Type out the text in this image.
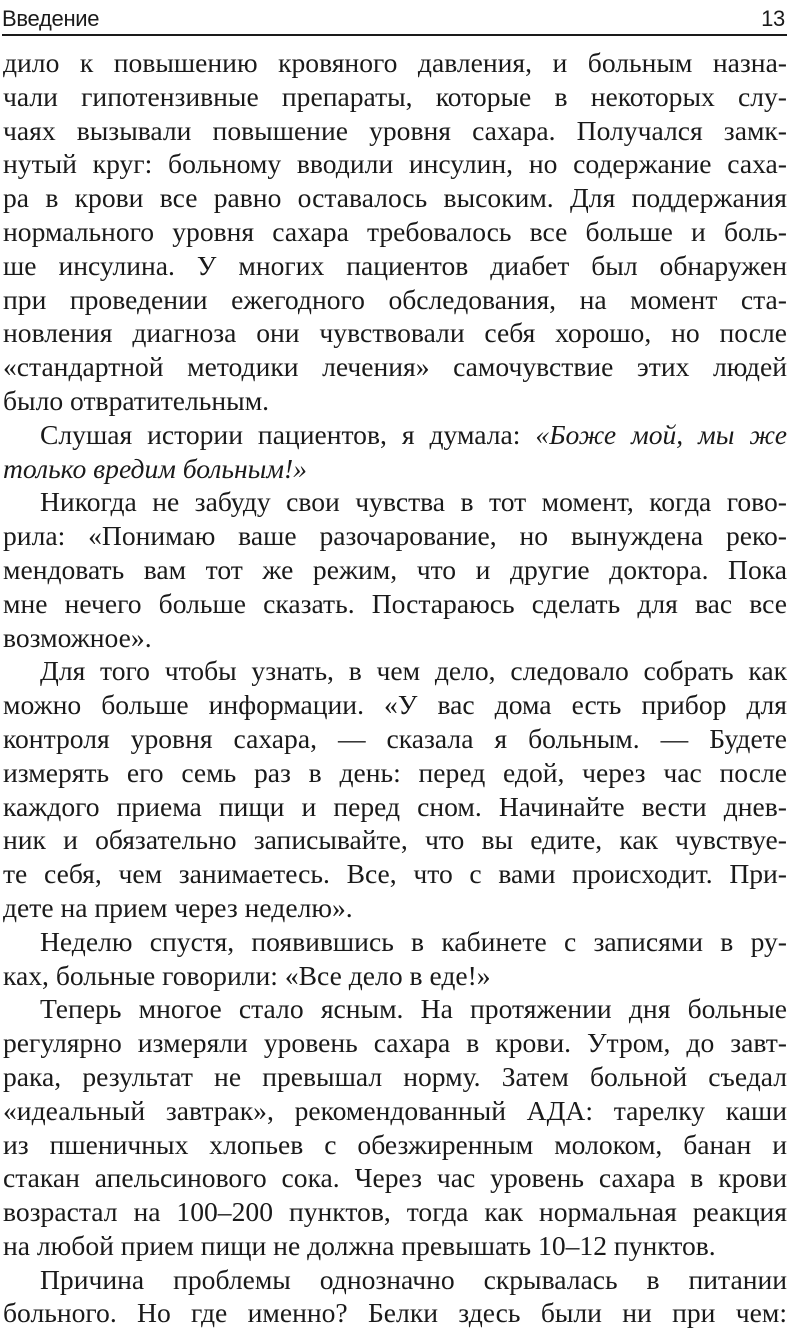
Введение	13

дило к повышению кровяного давления, и больным назна-
чали гипотензивные препараты, которые в некоторых слу-
чаях вызывали повышение уровня сахара. Получался замк-
нутый круг: больному вводили инсулин, но содержание саха-
ра в крови все равно оставалось высоким. Для поддержания
нормального уровня сахара требовалось все больше и боль-
ше инсулина. У многих пациентов диабет был обнаружен
при проведении ежегодного обследования, на момент ста-
новления диагноза они чувствовали себя хорошо, но после
«стандартной методики лечения» самочувствие этих людей
было отвратительным.

Слушая истории пациентов, я думала: «Боже мой, мы же
только вредим больным!»

Никогда не забуду свои чувства в тот момент, когда гово-
рила: «Понимаю ваше разочарование, но вынуждена реко-
мендовать вам тот же режим, что и другие доктора. Пока
мне нечего больше сказать. Постараюсь сделать для вас все
возможное».

Для того чтобы узнать, в чем дело, следовало собрать как
можно больше информации. «У вас дома есть прибор для
контроля уровня сахара, — сказала я больным. — Будете
измерять его семь раз в день: перед едой, через час после
каждого приема пищи и перед сном. Начинайте вести днев-
ник и обязательно записывайте, что вы едите, как чувствуе-
те себя, чем занимаетесь. Все, что с вами происходит. При-
дете на прием через неделю».

Неделю спустя, появившись в кабинете с записями в ру-
ках, больные говорили: «Все дело в еде!»

Теперь многое стало ясным. На протяжении дня больные
регулярно измеряли уровень сахара в крови. Утром, до завт-
рака, результат не превышал норму. Затем больной съедал
«идеальный завтрак», рекомендованный АДА: тарелку каши
из пшеничных хлопьев с обезжиренным молоком, банан и
стакан апельсинового сока. Через час уровень сахара в крови
возрастал на 100–200 пунктов, тогда как нормальная реакция
на любой прием пищи не должна превышать 10–12 пунктов.

Причина проблемы однозначно скрывалась в питании
больного. Но где именно? Белки здесь были ни при чем:
